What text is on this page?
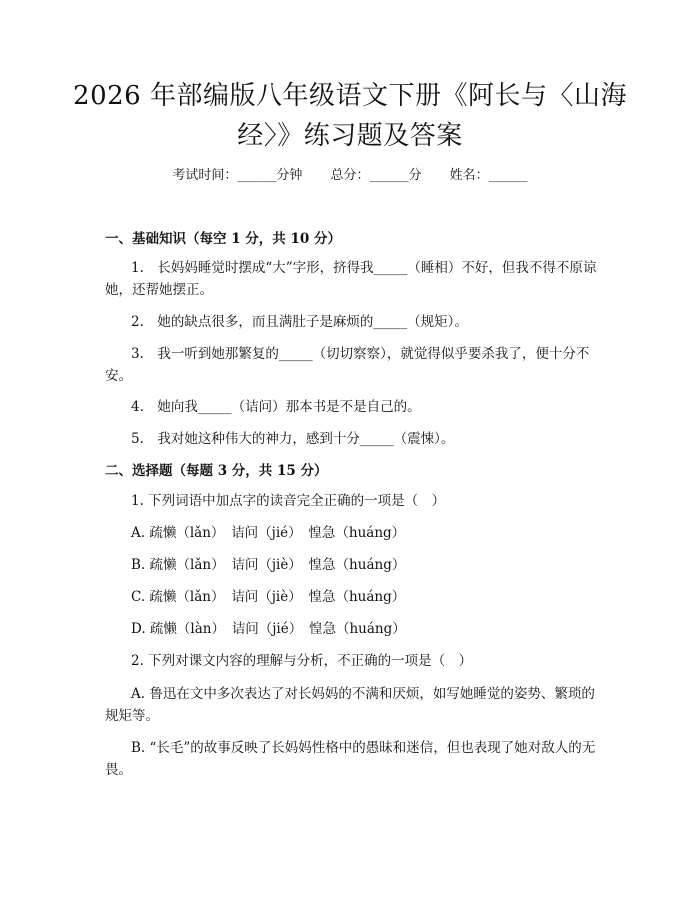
2026 年部编版八年级语文下册《阿长与〈山海经〉》练习题及答案
考试时间：______分钟 总分：______分 姓名：______
一、基础知识（每空 1 分，共 10 分）
1.　长妈妈睡觉时摆成“大”字形，挤得我_____（睡相）不好，但我不得不原谅她，还帮她摆正。
2.　她的缺点很多，而且满肚子是麻烦的_____（规矩）。
3.　我一听到她那繁复的_____（切切察察），就觉得似乎要杀我了，便十分不安。
4.　她向我_____（诘问）那本书是不是自己的。
5.　我对她这种伟大的神力，感到十分_____（震悚）。
二、选择题（每题 3 分，共 15 分）
1. 下列词语中加点字的读音完全正确的一项是（　）
A. 疏懒（lǎn）　诘问（jié）　惶急（huáng）
B. 疏懒（lǎn）　诘问（jiè）　惶急（huáng）
C. 疏懒（lǎn）　诘问（jiè）　惶急（huáng）
D. 疏懒（làn）　诘问（jié）　惶急（huáng）
2. 下列对课文内容的理解与分析，不正确的一项是（　）
A. 鲁迅在文中多次表达了对长妈妈的不满和厌烦，如写她睡觉的姿势、繁琐的规矩等。
B. “长毛”的故事反映了长妈妈性格中的愚昧和迷信，但也表现了她对敌人的无畏。
